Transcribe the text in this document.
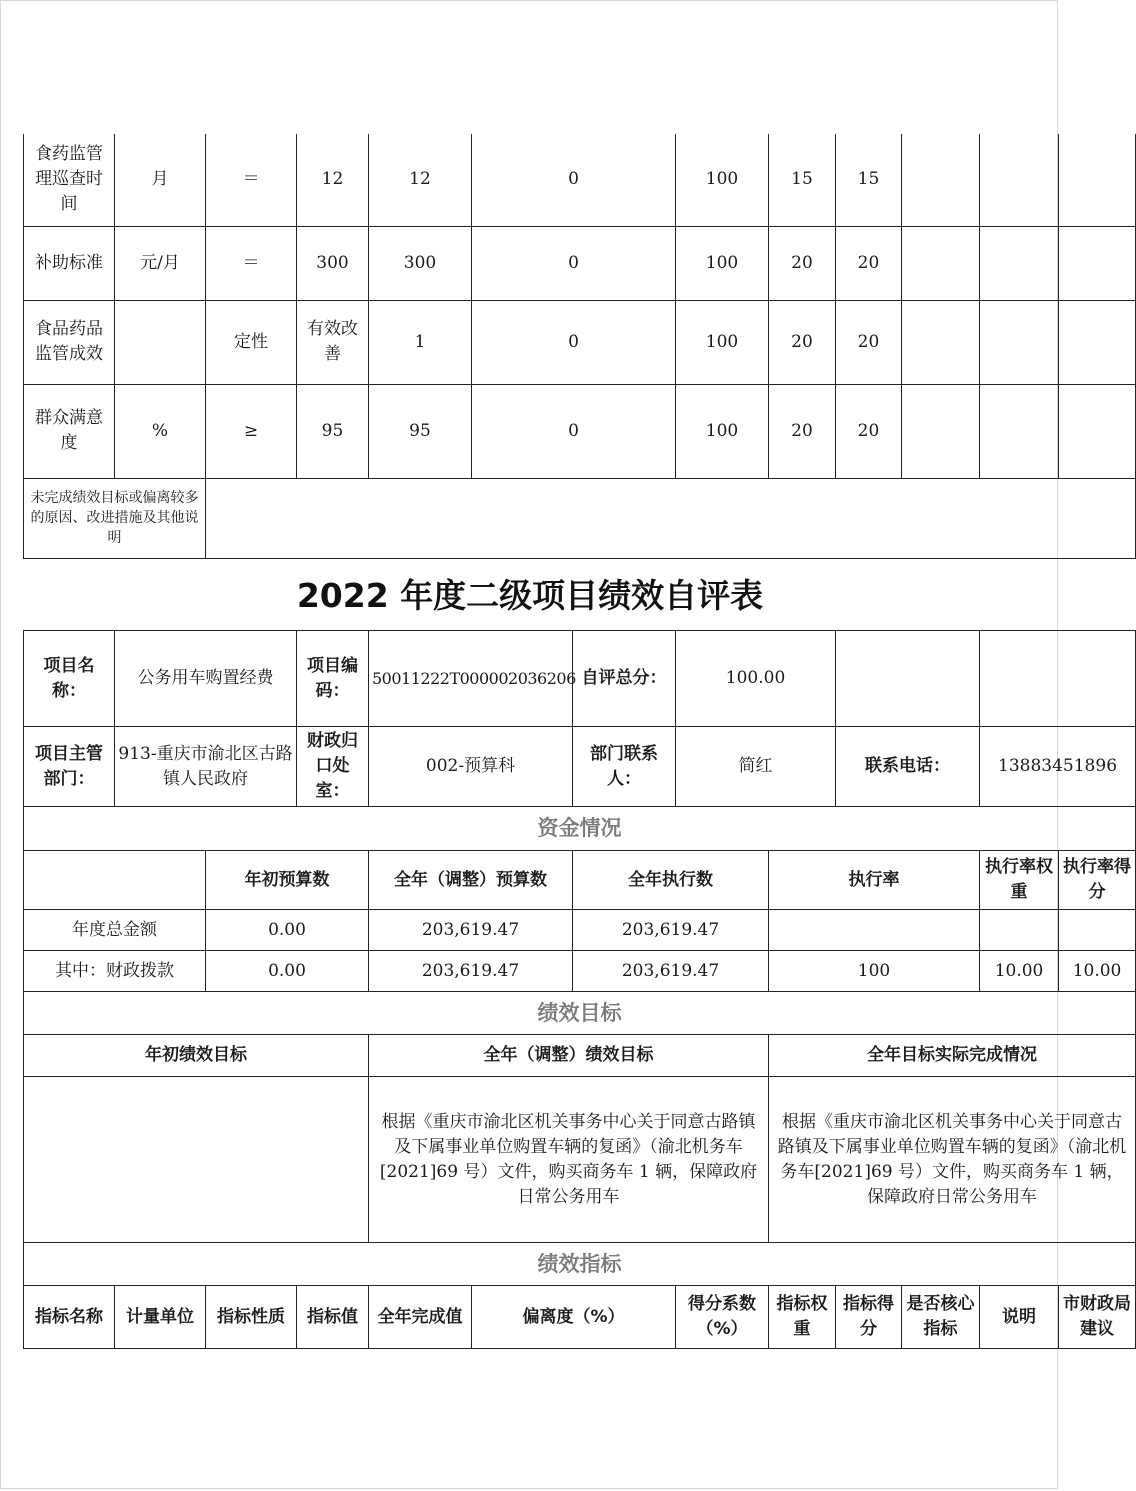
食药监管理巡查时间	月	＝	12	12	0	100	15	15			
补助标准	元/月	＝	300	300	0	100	20	20			
食品药品监管成效		定性	有效改善	1	0	100	20	20			
群众满意度	%	≥	95	95	0	100	20	20			
未完成绩效目标或偏离较多的原因、改进措施及其他说明											
2022 年度二级项目绩效自评表
项目名称：	公务用车购置经费		项目编码：	50011222T000002036206		自评总分：	100.00					
项目主管部门：	913-重庆市渝北区古路镇人民政府		财政归口处室：	002-预算科		部门联系人：	简红		联系电话：		13883451896	
资金情况												
		年初预算数		全年（调整）预算数		全年执行数		执行率			执行率权重	执行率得分
年度总金额		0.00		203,619.47		203,619.47						
其中：财政拨款		0.00		203,619.47		203,619.47		100			10.00	10.00
绩效目标												
年初绩效目标				全年（调整）绩效目标				全年目标实际完成情况				
				根据《重庆市渝北区机关事务中心关于同意古路镇及下属事业单位购置车辆的复函》（渝北机务车[2021]69 号）文件，购买商务车 1 辆，保障政府日常公务用车				根据《重庆市渝北区机关事务中心关于同意古路镇及下属事业单位购置车辆的复函》（渝北机务车[2021]69 号）文件，购买商务车 1 辆，保障政府日常公务用车				
绩效指标												
指标名称	计量单位	指标性质	指标值	全年完成值	偏离度（%）		得分系数（%）	指标权重	指标得分	是否核心指标	说明	市财政局建议
